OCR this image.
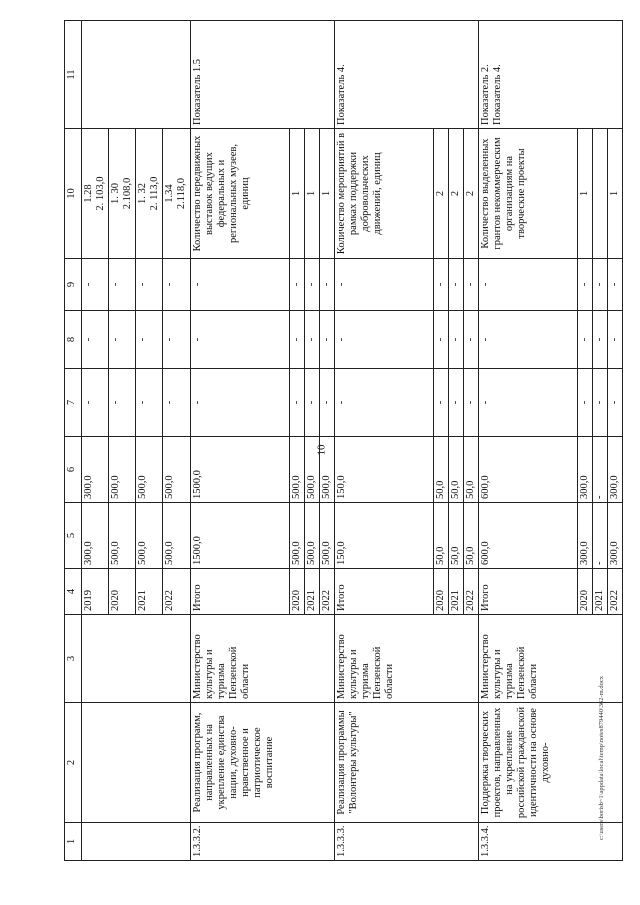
10
1	2	3	4	5	6	7	8	9	10	11
			2019	300,0	300,0	-	-	-	1.28 2. 103,0	

			2020	500,0	500,0	-	-	-	1. 30 2.108,0	

			2021	500,0	500,0	-	-	-	1. 32 2. 113,0	

			2022	500,0	500,0	-	-	-	1.34 2.118,0	

1.3.3.2.	Реализация программ, направленных на укрепление единства нации, духовно-нравственное и патриотическое воспитание	Министерство культуры и туризма Пензенской области	Итого	1500,0	1500,0	-	-	-	Количество передвижных выставок ведущих федеральных и региональных музеев, единиц	Показатель 1.5
			2020	500,0	500,0	-	-	-	1	
			2021	500,0	500,0	-	-	-	1	
			2022	500,0	500,0	-	-	-	1	
1.3.3.3.	Реализация программы "Волонтеры культуры"	Министерство культуры и туризма Пензенской области	Итого	150,0	150,0	-	-	-	Количество мероприятий в рамках поддержки добровольческих движений, единиц	Показатель 4.
			2020	50,0	50,0	-	-	-	2	
			2021	50,0	50,0	-	-	-	2	
			2022	50,0	50,0	-	-	-	2	
1.3.3.4.	Поддержка творческих проектов, направленных на укрепление российской гражданской идентичности на основе духовно-	Министерство культуры и туризма Пензенской области	Итого	600,0	600,0	-	-	-	Количество выделенных грантов некоммерческим организациям на творческие проекты	Показатель 2. Показатель 4.
			2020	300,0	300,0	-	-	-	1	
			2021	-	-	-	-	-		
			2022	300,0	300,0	-	-	-	1	
c:\users\borisb~1\appdata\local\temp\notes879440\362-m.docx
